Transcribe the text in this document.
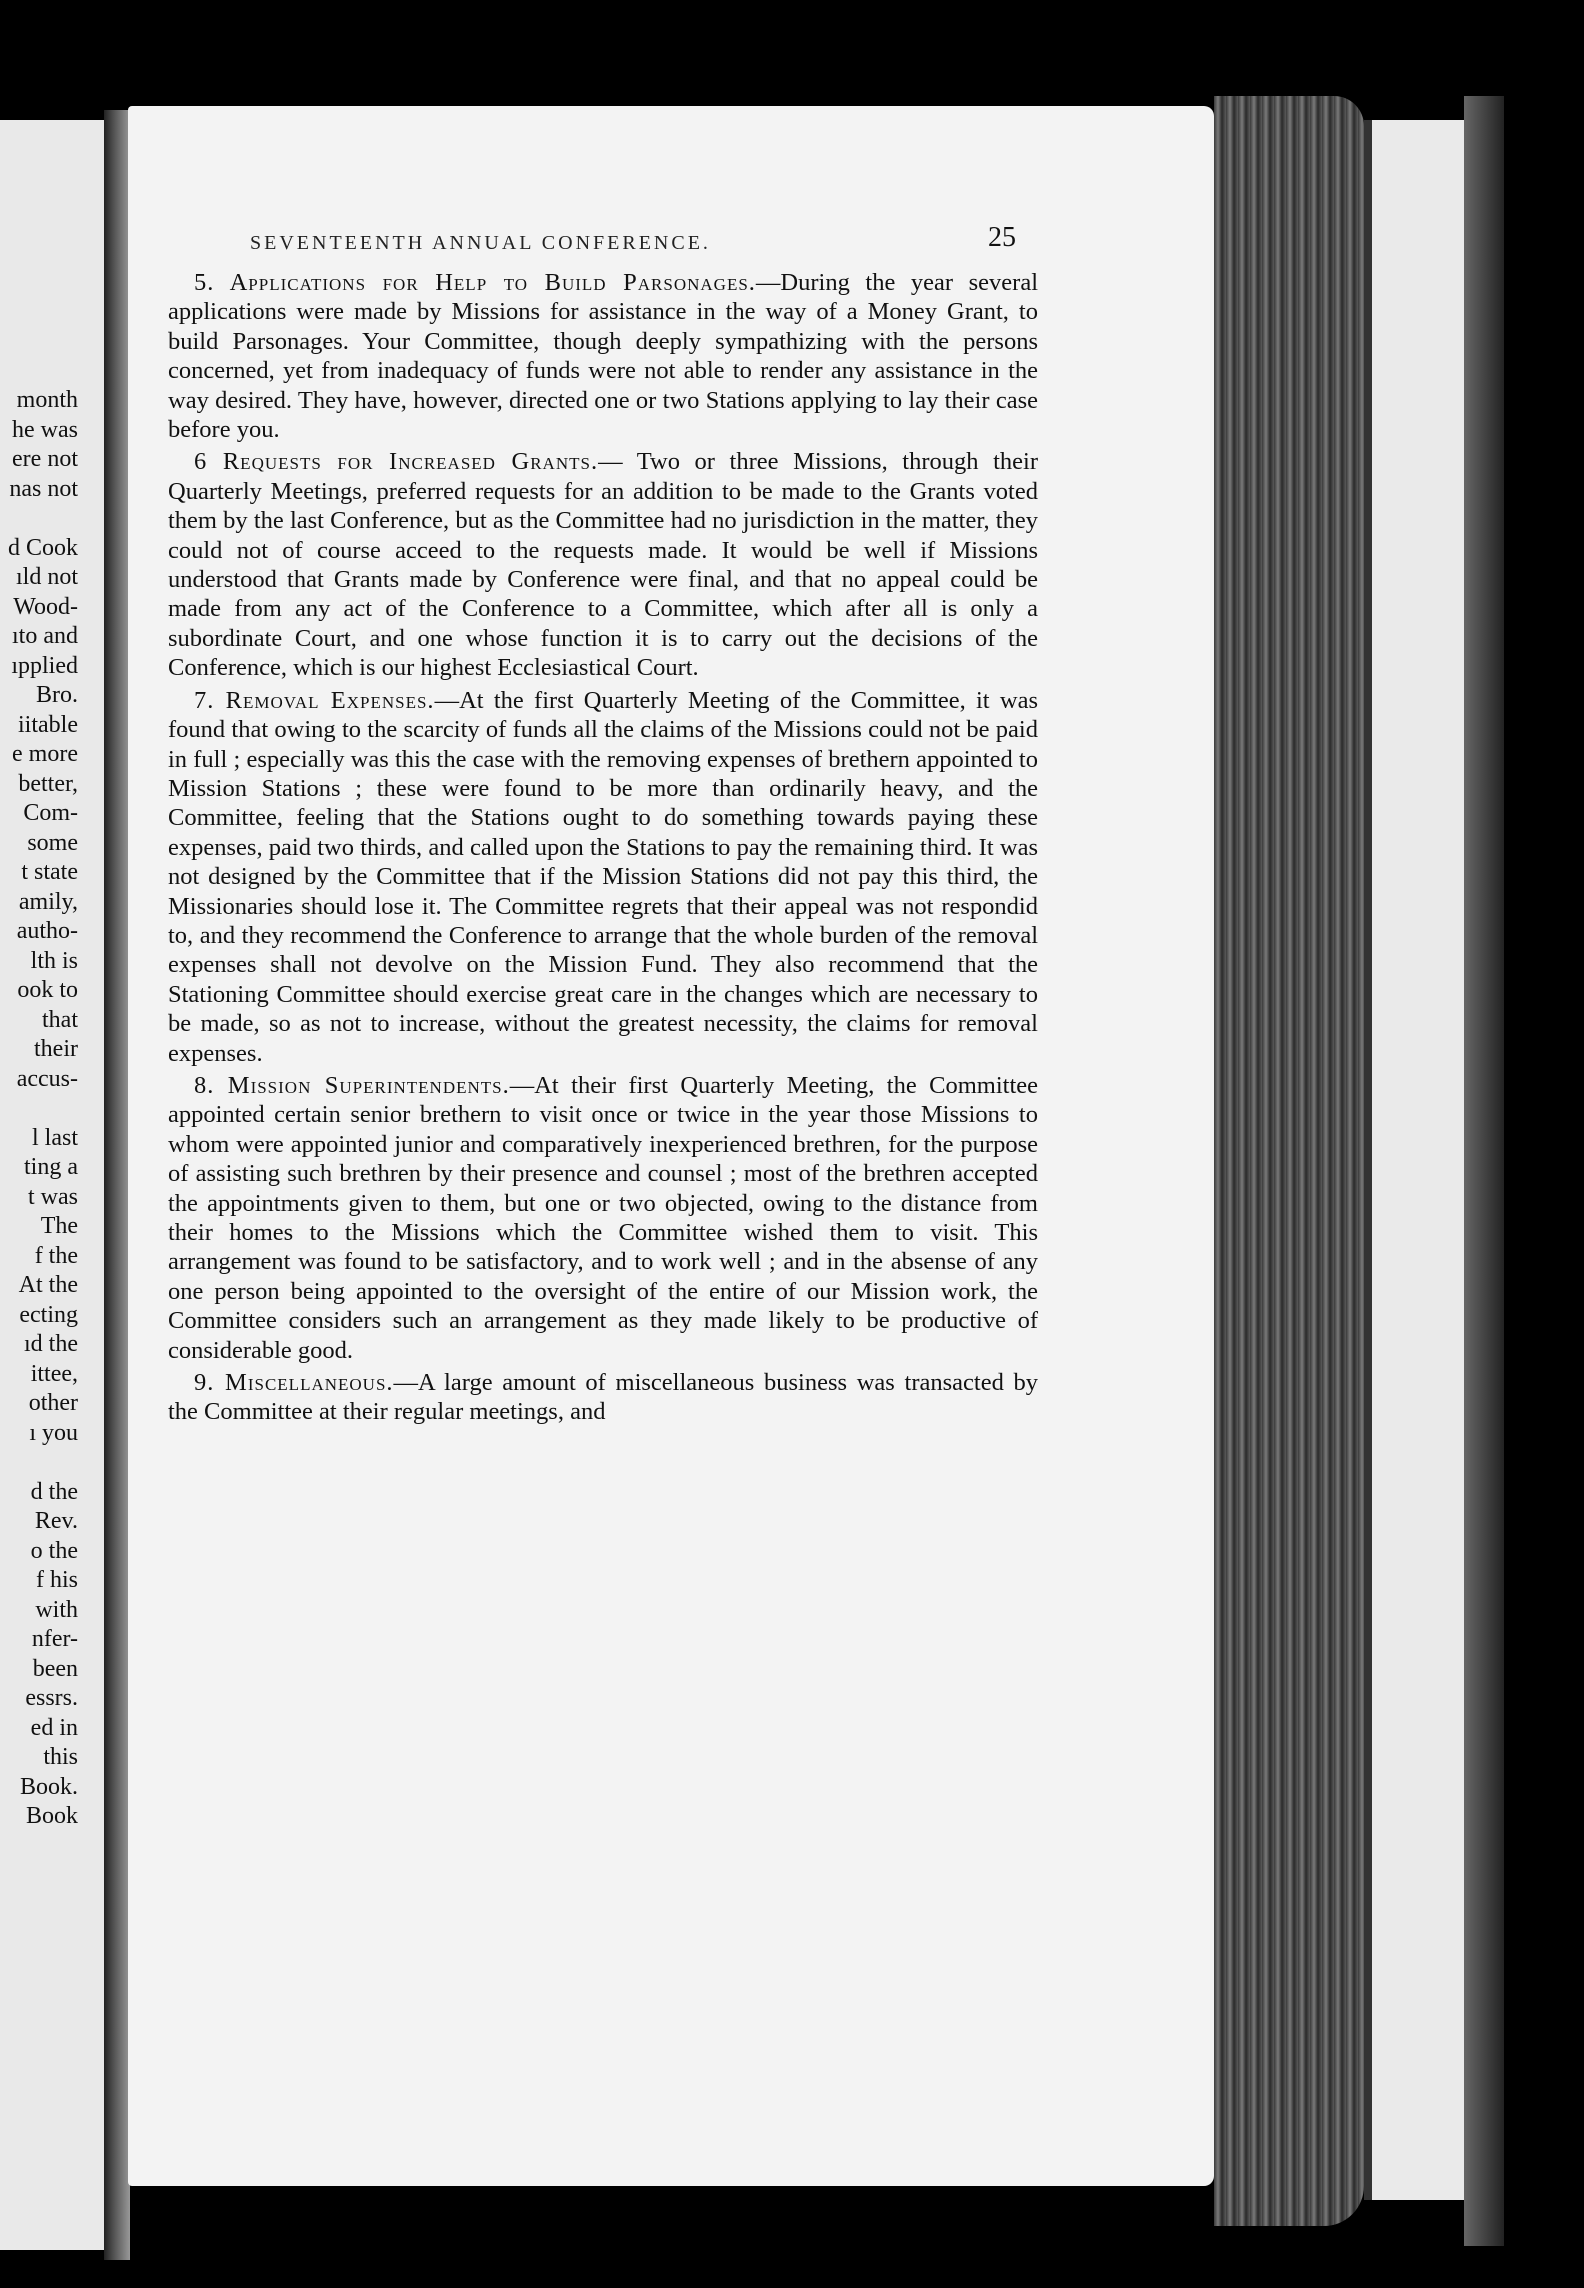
month
he was
ere not
nas not

d Cook
ıld not
Wood-
ıto and
ıpplied
Bro.
iitable
e more
better,
Com-
some
t state
amily,
autho-
lth is
ook to
that
their
accus-

l last
ting a
t was
The
f the
At the
ecting
ıd the
ittee,
other
ı you

d the
Rev.
o the
f his
with
nfer-
been
essrs.
ed in
this
Book.
Book
SEVENTEENTH ANNUAL CONFERENCE.	25

5. Applications for Help to Build Parsonages.—During the year several applications were made by Missions for assistance in the way of a Money Grant, to build Parsonages. Your Committee, though deeply sympathizing with the persons concerned, yet from inadequacy of funds were not able to render any assistance in the way desired. They have, however, directed one or two Stations applying to lay their case before you.

6 Requests for Increased Grants.— Two or three Missions, through their Quarterly Meetings, preferred requests for an addition to be made to the Grants voted them by the last Conference, but as the Committee had no jurisdiction in the matter, they could not of course acceed to the requests made. It would be well if Missions understood that Grants made by Conference were final, and that no appeal could be made from any act of the Conference to a Committee, which after all is only a subordinate Court, and one whose function it is to carry out the decisions of the Conference, which is our highest Ecclesiastical Court.

7. Removal Expenses.—At the first Quarterly Meeting of the Committee, it was found that owing to the scarcity of funds all the claims of the Missions could not be paid in full ; especially was this the case with the removing expenses of brethern appointed to Mission Stations ; these were found to be more than ordinarily heavy, and the Committee, feeling that the Stations ought to do something towards paying these expenses, paid two thirds, and called upon the Stations to pay the remaining third. It was not designed by the Committee that if the Mission Stations did not pay this third, the Missionaries should lose it. The Committee regrets that their appeal was not respondid to, and they recommend the Conference to arrange that the whole burden of the removal expenses shall not devolve on the Mission Fund. They also recommend that the Stationing Committee should exercise great care in the changes which are necessary to be made, so as not to increase, without the greatest necessity, the claims for removal expenses.

8. Mission Superintendents.—At their first Quarterly Meeting, the Committee appointed certain senior brethern to visit once or twice in the year those Missions to whom were appointed junior and comparatively inexperienced brethren, for the purpose of assisting such brethren by their presence and counsel ; most of the brethren accepted the appointments given to them, but one or two objected, owing to the distance from their homes to the Missions which the Committee wished them to visit. This arrangement was found to be satisfactory, and to work well ; and in the absense of any one person being appointed to the oversight of the entire of our Mission work, the Committee considers such an arrangement as they made likely to be productive of considerable good.

9. Miscellaneous.—A large amount of miscellaneous business was transacted by the Committee at their regular meetings, and
